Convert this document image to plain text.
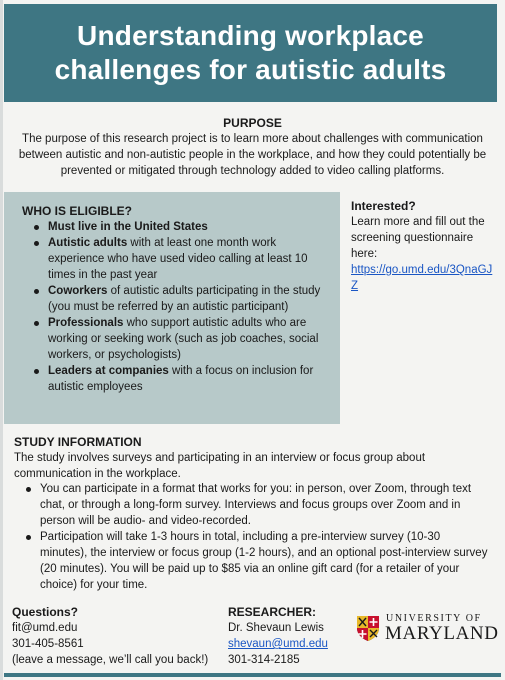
Understanding workplace
challenges for autistic adults
PURPOSE
The purpose of this research project is to learn more about challenges with communication between autistic and non-autistic people in the workplace, and how they could potentially be prevented or mitigated through technology added to video calling platforms.
WHO IS ELIGIBLE?
Must live in the United States
Autistic adults with at least one month work experience who have used video calling at least 10 times in the past year
Coworkers of autistic adults participating in the study (you must be referred by an autistic participant)
Professionals who support autistic adults who are working or seeking work (such as job coaches, social workers, or psychologists)
Leaders at companies with a focus on inclusion for autistic employees
Interested?
Learn more and fill out the screening questionnaire here:
https://go.umd.edu/3QnaGJZ
STUDY INFORMATION
The study involves surveys and participating in an interview or focus group about communication in the workplace.
You can participate in a format that works for you: in person, over Zoom, through text chat, or through a long-form survey. Interviews and focus groups over Zoom and in person will be audio- and video-recorded.
Participation will take 1-3 hours in total, including a pre-interview survey (10-30 minutes), the interview or focus group (1-2 hours), and an optional post-interview survey (20 minutes). You will be paid up to $85 via an online gift card (for a retailer of your choice) for your time.
Questions?
fit@umd.edu
301-405-8561
(leave a message, we’ll call you back!)
RESEARCHER:
Dr. Shevaun Lewis
shevaun@umd.edu
301-314-2185
UNIVERSITY OF
MARYLAND
